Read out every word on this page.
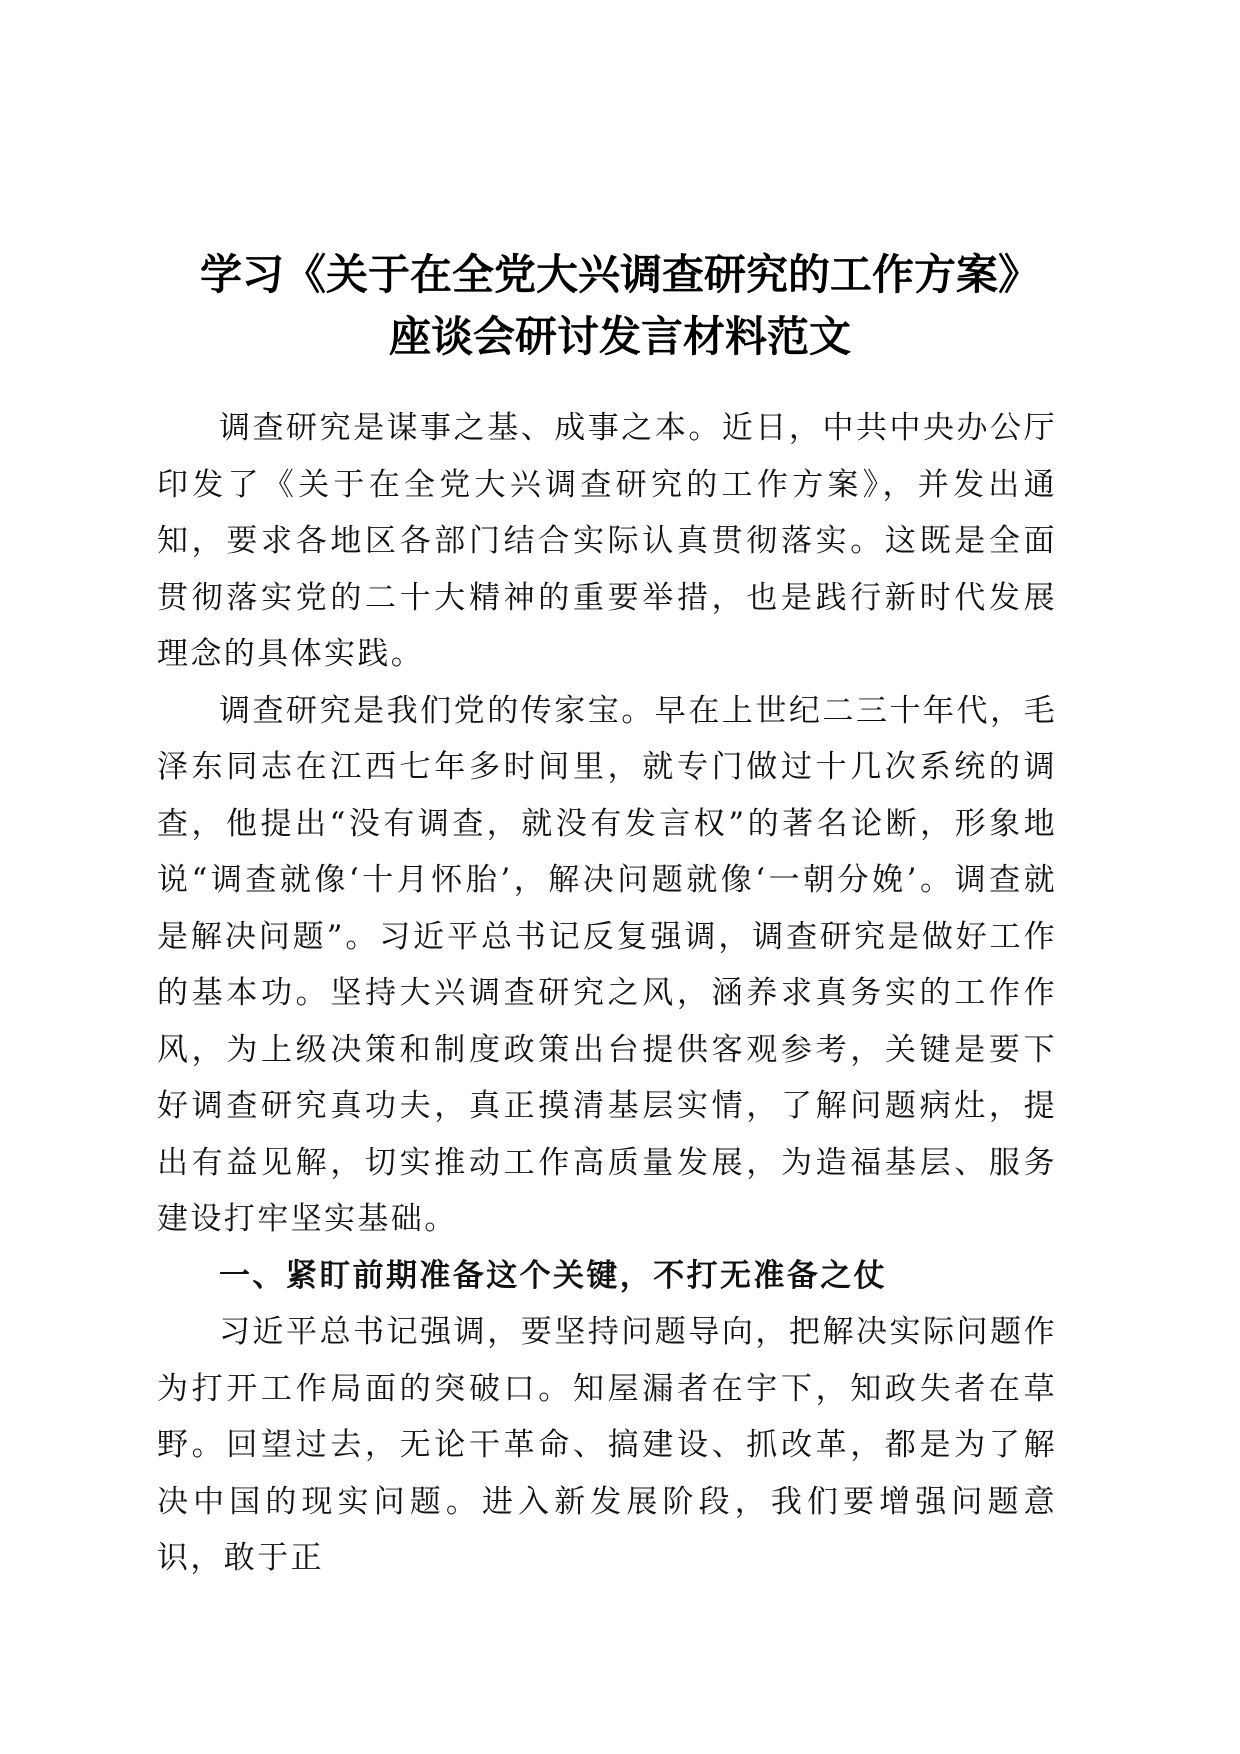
学习《关于在全党大兴调查研究的工作方案》
座谈会研讨发言材料范文

调查研究是谋事之基、成事之本。近日，中共中央办公厅印发了《关于在全党大兴调查研究的工作方案》，并发出通知，要求各地区各部门结合实际认真贯彻落实。这既是全面贯彻落实党的二十大精神的重要举措，也是践行新时代发展理念的具体实践。

调查研究是我们党的传家宝。早在上世纪二三十年代，毛泽东同志在江西七年多时间里，就专门做过十几次系统的调查，他提出“没有调查，就没有发言权”的著名论断，形象地说“调查就像‘十月怀胎’，解决问题就像‘一朝分娩’。调查就是解决问题”。习近平总书记反复强调，调查研究是做好工作的基本功。坚持大兴调查研究之风，涵养求真务实的工作作风，为上级决策和制度政策出台提供客观参考，关键是要下好调查研究真功夫，真正摸清基层实情，了解问题病灶，提出有益见解，切实推动工作高质量发展，为造福基层、服务建设打牢坚实基础。

一、紧盯前期准备这个关键，不打无准备之仗

习近平总书记强调，要坚持问题导向，把解决实际问题作为打开工作局面的突破口。知屋漏者在宇下，知政失者在草野。回望过去，无论干革命、搞建设、抓改革，都是为了解决中国的现实问题。进入新发展阶段，我们要增强问题意识，敢于正
